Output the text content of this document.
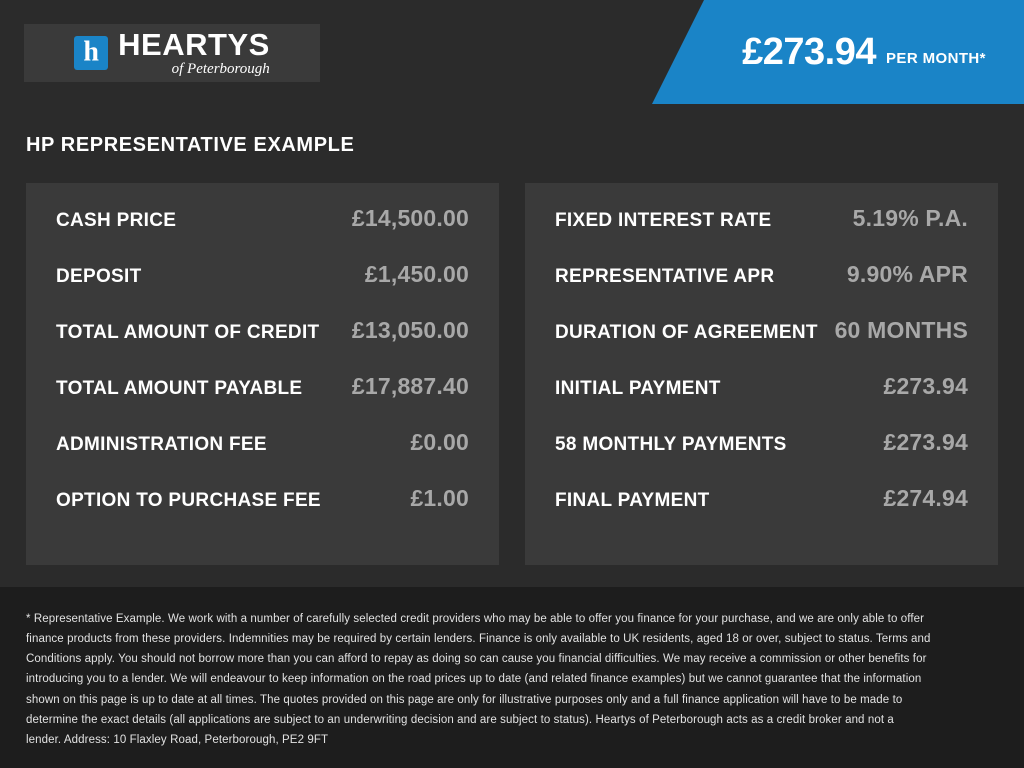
h
HEARTYS
of Peterborough	£273.94 PER MONTH*
HP REPRESENTATIVE EXAMPLE
CASH PRICE	£14,500.00
DEPOSIT	£1,450.00
TOTAL AMOUNT OF CREDIT £13,050.00
TOTAL AMOUNT PAYABLE £17,887.40
ADMINISTRATION FEE	£0.00
OPTION TO PURCHASE FEE	£1.00
FIXED INTEREST RATE	5.19% P.A.
REPRESENTATIVE APR	9.90% APR
DURATION OF AGREEMENT 60 MONTHS
INITIAL PAYMENT	£273.94
58 MONTHLY PAYMENTS	£273.94
FINAL PAYMENT	£274.94

* Representative Example. We work with a number of carefully selected credit providers who may be able to offer you finance for your purchase, and we are only able to offer finance products from these providers. Indemnities may be required by certain lenders. Finance is only available to UK residents, aged 18 or over, subject to status. Terms and Conditions apply. You should not borrow more than you can afford to repay as doing so can cause you financial difficulties. We may receive a commission or other benefits for introducing you to a lender. We will endeavour to keep information on the road prices up to date (and related finance examples) but we cannot guarantee that the information shown on this page is up to date at all times. The quotes provided on this page are only for illustrative purposes only and a full finance application will have to be made to determine the exact details (all applications are subject to an underwriting decision and are subject to status). Heartys of Peterborough acts as a credit broker and not a lender. Address: 10 Flaxley Road, Peterborough, PE2 9FT
